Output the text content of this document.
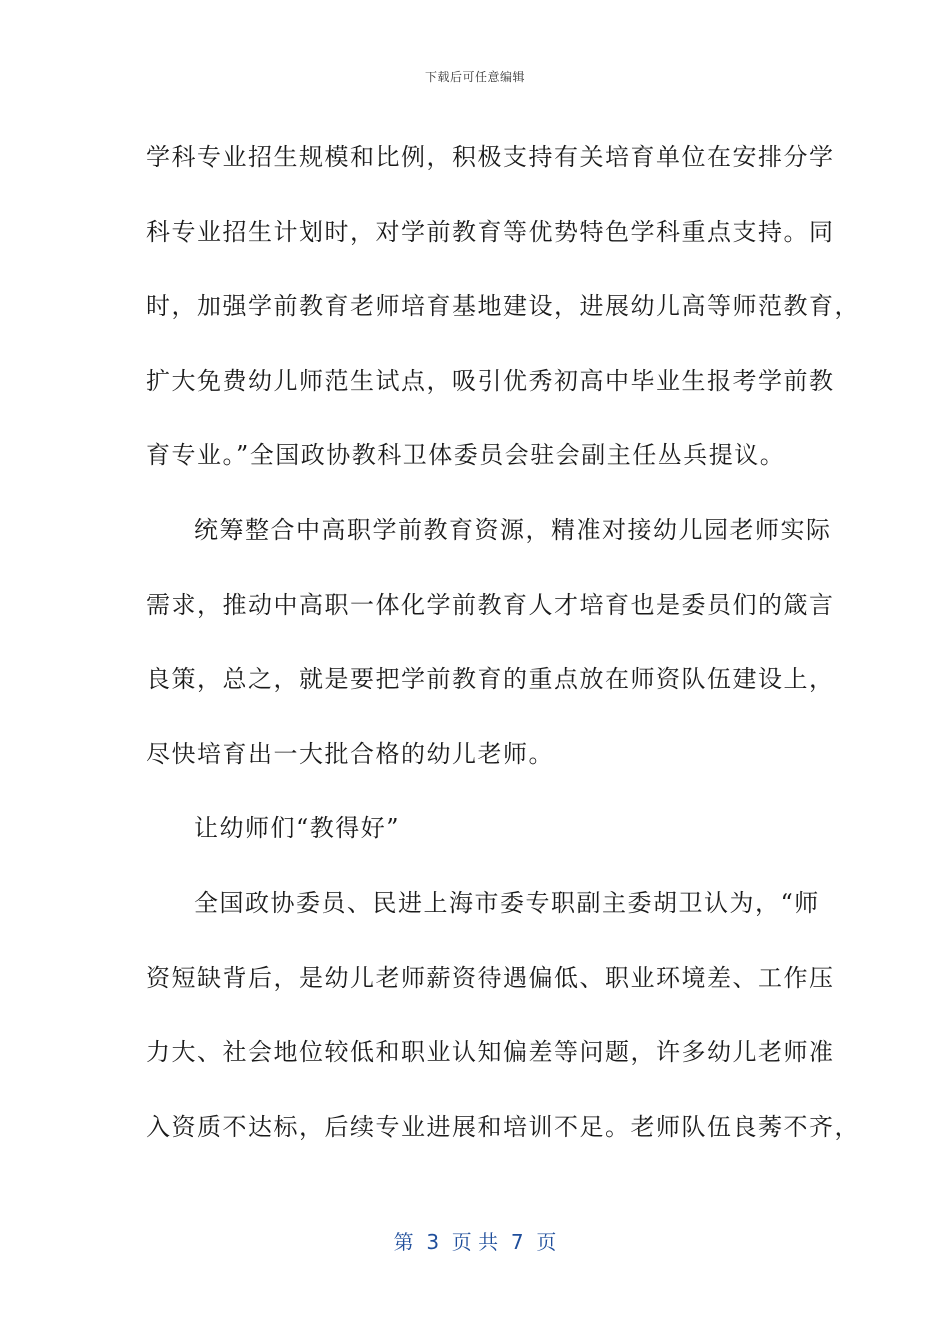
下载后可任意编辑
学科专业招生规模和比例，积极支持有关培育单位在安排分学
科专业招生计划时，对学前教育等优势特色学科重点支持。同
时，加强学前教育老师培育基地建设，进展幼儿高等师范教育，
扩大免费幼儿师范生试点，吸引优秀初高中毕业生报考学前教
育专业。”全国政协教科卫体委员会驻会副主任丛兵提议。
统筹整合中高职学前教育资源，精准对接幼儿园老师实际
需求，推动中高职一体化学前教育人才培育也是委员们的箴言
良策，总之，就是要把学前教育的重点放在师资队伍建设上，
尽快培育出一大批合格的幼儿老师。
让幼师们“教得好”
全国政协委员、民进上海市委专职副主委胡卫认为，“师
资短缺背后，是幼儿老师薪资待遇偏低、职业环境差、工作压
力大、社会地位较低和职业认知偏差等问题，许多幼儿老师准
入资质不达标，后续专业进展和培训不足。老师队伍良莠不齐，
第  3  页 共  7  页
